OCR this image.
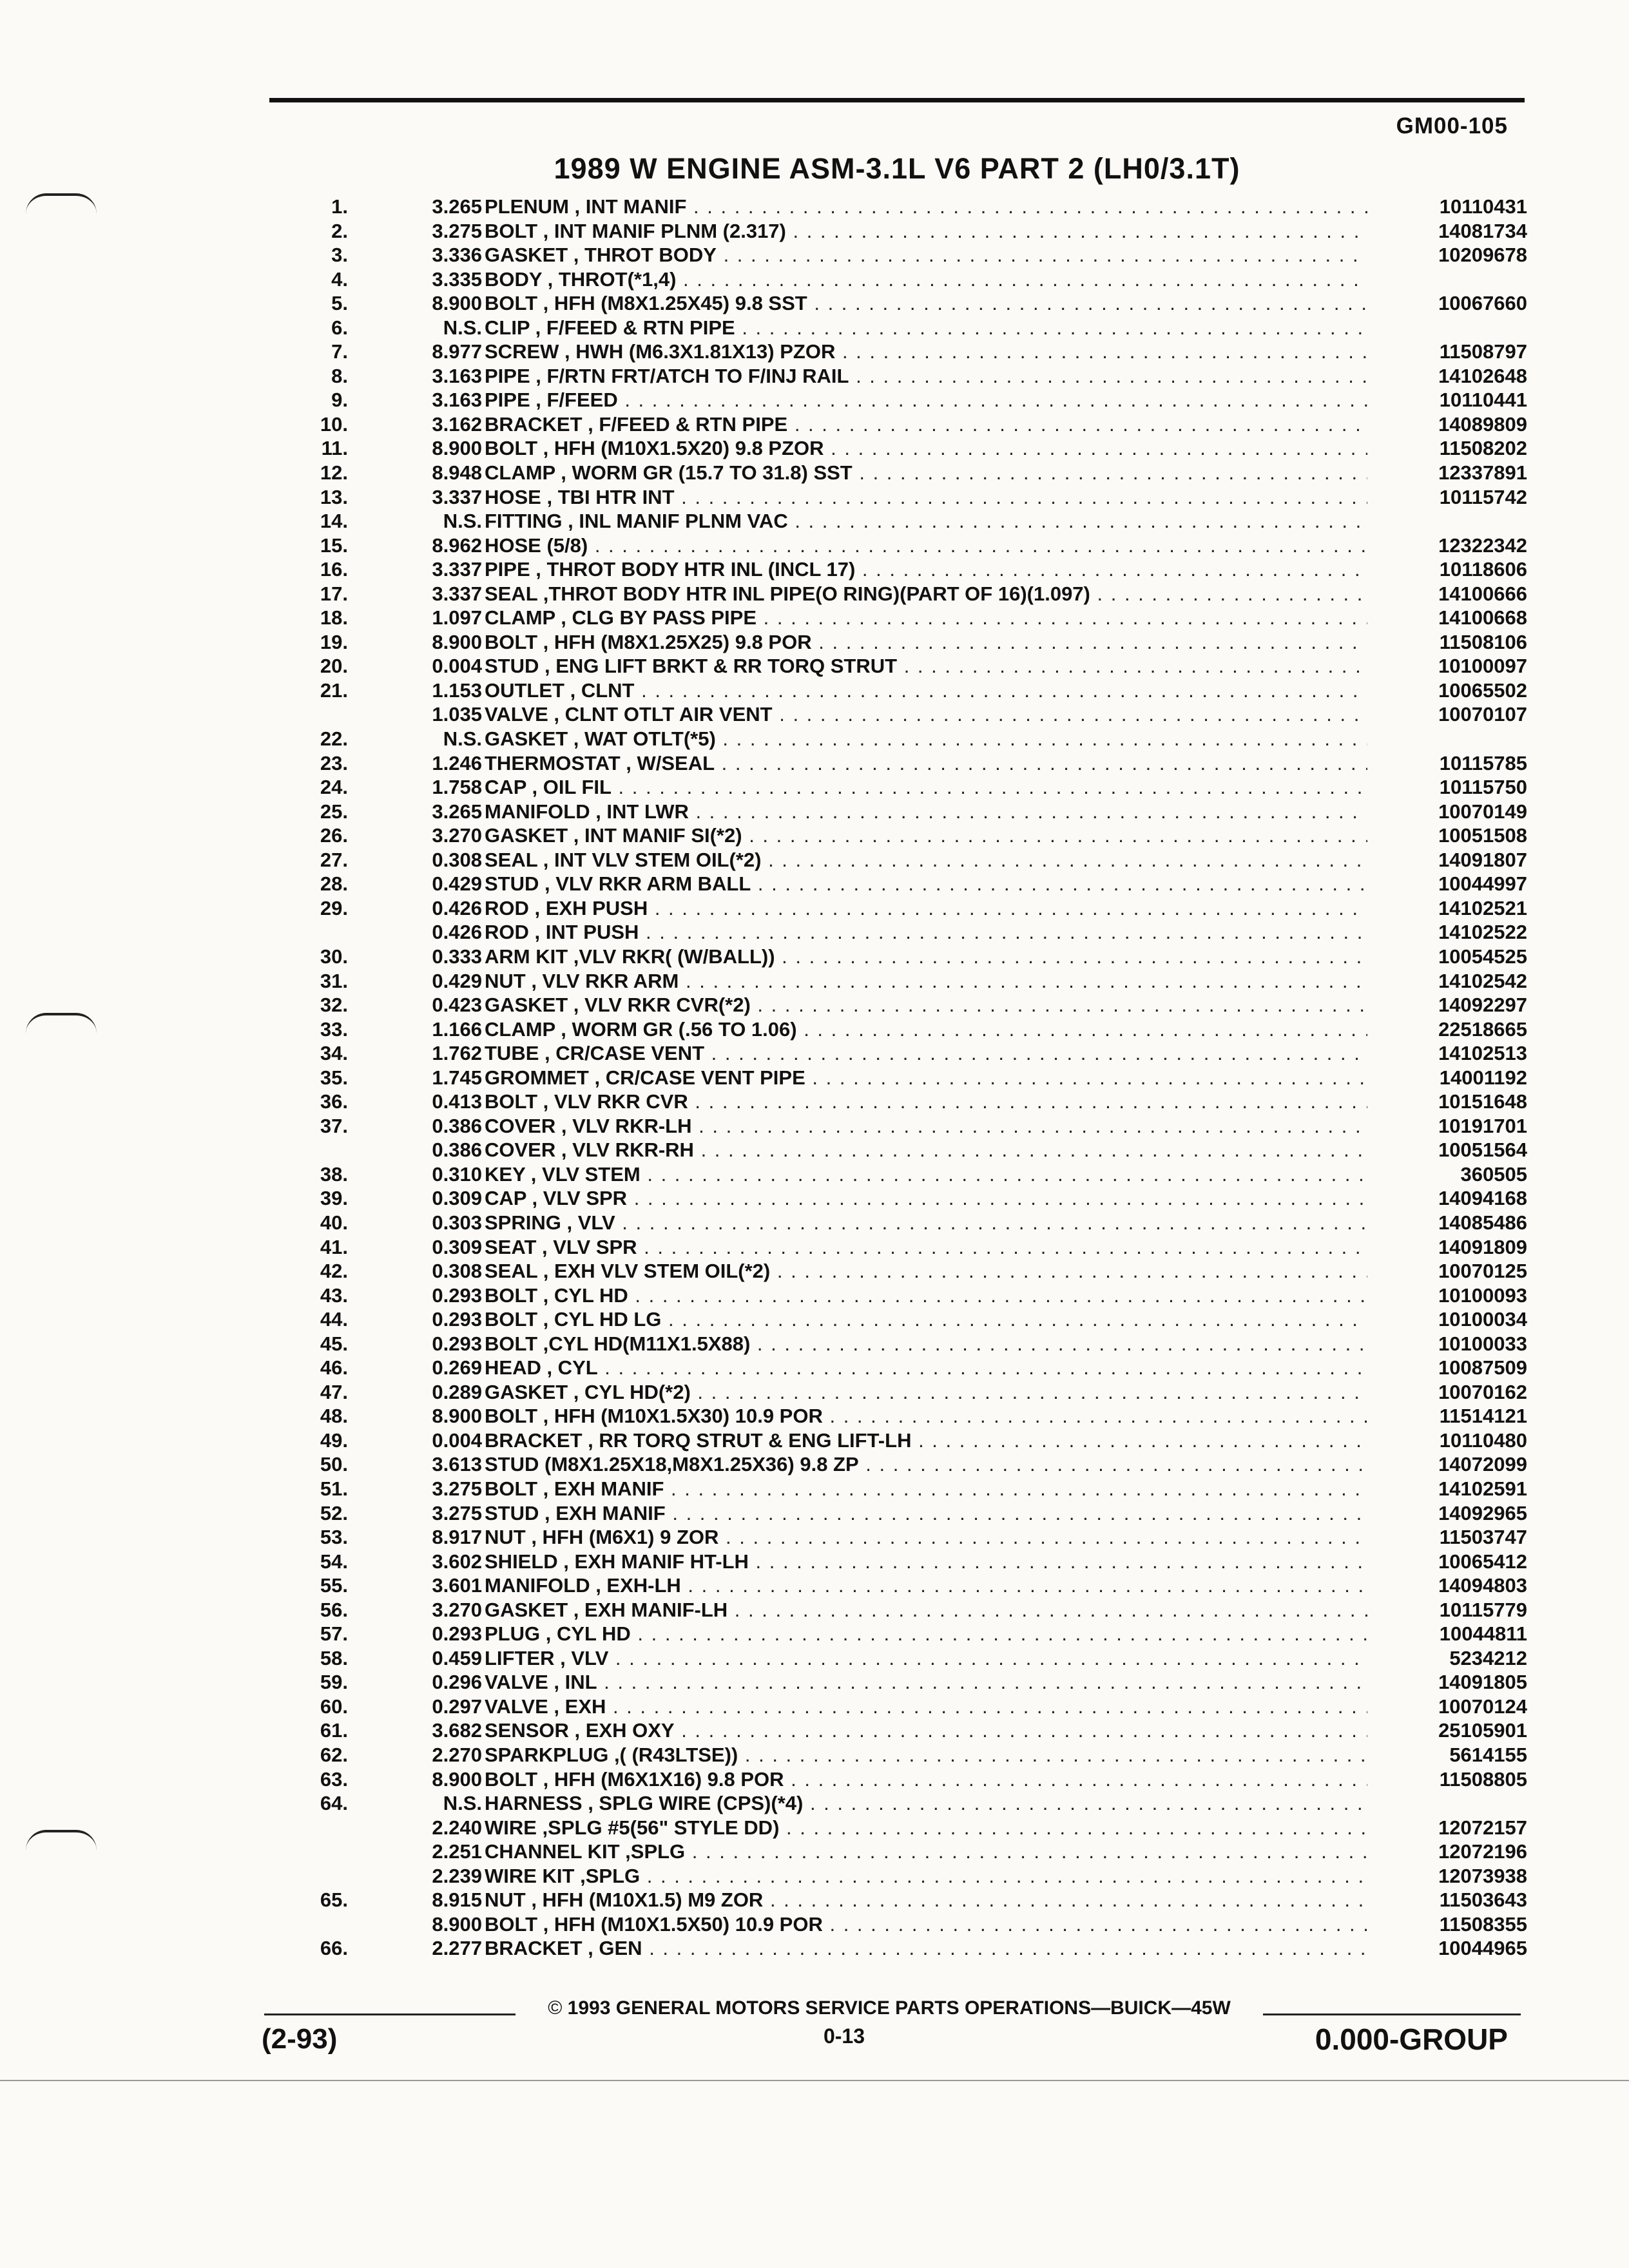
GM00-105
1989 W ENGINE ASM-3.1L V6 PART 2 (LH0/3.1T)
1.	3.265 PLENUM , INT MANIF . . .	10110431
2.	3.275 BOLT , INT MANIF PLNM (2.317) . . .	14081734
3.	3.336 GASKET , THROT BODY . . .	10209678
4.	3.335 BODY , THROT(*1,4) . . .
5.	8.900 BOLT , HFH (M8X1.25X45) 9.8 SST . . .	10067660
6.	N.S. CLIP , F/FEED & RTN PIPE . . .
7.	8.977 SCREW , HWH (M6.3X1.81X13) PZOR . . .	11508797
8.	3.163 PIPE , F/RTN FRT/ATCH TO F/INJ RAIL . . .	14102648
9.	3.163 PIPE , F/FEED . . .	10110441
10.	3.162 BRACKET , F/FEED & RTN PIPE . . .	14089809
11.	8.900 BOLT , HFH (M10X1.5X20) 9.8 PZOR . . .	11508202
12.	8.948 CLAMP , WORM GR (15.7 TO 31.8) SST . . .	12337891
13.	3.337 HOSE , TBI HTR INT . . .	10115742
14.	N.S. FITTING , INL MANIF PLNM VAC . . .
15.	8.962 HOSE (5/8) . . .	12322342
16.	3.337 PIPE , THROT BODY HTR INL (INCL 17) . . .	10118606
17.	3.337 SEAL ,THROT BODY HTR INL PIPE(O RING)(PART OF 16)(1.097) . . .	14100666
18.	1.097 CLAMP , CLG BY PASS PIPE . . .	14100668
19.	8.900 BOLT , HFH (M8X1.25X25) 9.8 POR . . .	11508106
20.	0.004 STUD , ENG LIFT BRKT & RR TORQ STRUT . . .	10100097
21.	1.153 OUTLET , CLNT . . .	10065502
1.035 VALVE , CLNT OTLT AIR VENT . . .	10070107
22.	N.S. GASKET , WAT OTLT(*5) . . .
23.	1.246 THERMOSTAT , W/SEAL . . .	10115785
24.	1.758 CAP , OIL FIL . . .	10115750
25.	3.265 MANIFOLD , INT LWR . . .	10070149
26.	3.270 GASKET , INT MANIF SI(*2) . . .	10051508
27.	0.308 SEAL , INT VLV STEM OIL(*2) . . .	14091807
28.	0.429 STUD , VLV RKR ARM BALL . . .	10044997
29.	0.426 ROD , EXH PUSH . . .	14102521
0.426 ROD , INT PUSH . . .	14102522
30.	0.333 ARM KIT ,VLV RKR( (W/BALL)) . . .	10054525
31.	0.429 NUT , VLV RKR ARM . . .	14102542
32.	0.423 GASKET , VLV RKR CVR(*2) . . .	14092297
33.	1.166 CLAMP , WORM GR (.56 TO 1.06) . . .	22518665
34.	1.762 TUBE , CR/CASE VENT . . .	14102513
35.	1.745 GROMMET , CR/CASE VENT PIPE . . .	14001192
36.	0.413 BOLT , VLV RKR CVR . . .	10151648
37.	0.386 COVER , VLV RKR-LH . . .	10191701
0.386 COVER , VLV RKR-RH . . .	10051564
38.	0.310 KEY , VLV STEM . . .	360505
39.	0.309 CAP , VLV SPR . . .	14094168
40.	0.303 SPRING , VLV . . .	14085486
41.	0.309 SEAT , VLV SPR . . .	14091809
42.	0.308 SEAL , EXH VLV STEM OIL(*2) . . .	10070125
43.	0.293 BOLT , CYL HD . . .	10100093
44.	0.293 BOLT , CYL HD LG . . .	10100034
45.	0.293 BOLT ,CYL HD(M11X1.5X88) . . .	10100033
46.	0.269 HEAD , CYL . . .	10087509
47.	0.289 GASKET , CYL HD(*2) . . .	10070162
48.	8.900 BOLT , HFH (M10X1.5X30) 10.9 POR . . .	11514121
49.	0.004 BRACKET , RR TORQ STRUT & ENG LIFT-LH . . .	10110480
50.	3.613 STUD (M8X1.25X18,M8X1.25X36) 9.8 ZP . . .	14072099
51.	3.275 BOLT , EXH MANIF . . .	14102591
52.	3.275 STUD , EXH MANIF . . .	14092965
53.	8.917 NUT , HFH (M6X1) 9 ZOR . . .	11503747
54.	3.602 SHIELD , EXH MANIF HT-LH . . .	10065412
55.	3.601 MANIFOLD , EXH-LH . . .	14094803
56.	3.270 GASKET , EXH MANIF-LH . . .	10115779
57.	0.293 PLUG , CYL HD . . .	10044811
58.	0.459 LIFTER , VLV . . .	5234212
59.	0.296 VALVE , INL . . .	14091805
60.	0.297 VALVE , EXH . . .	10070124
61.	3.682 SENSOR , EXH OXY . . .	25105901
62.	2.270 SPARKPLUG ,( (R43LTSE)) . . .	5614155
63.	8.900 BOLT , HFH (M6X1X16) 9.8 POR . . .	11508805
64.	N.S. HARNESS , SPLG WIRE (CPS)(*4) . . .
2.240 WIRE ,SPLG #5(56" STYLE DD) . . .	12072157
2.251 CHANNEL KIT ,SPLG . . .	12072196
2.239 WIRE KIT ,SPLG . . .	12073938
65.	8.915 NUT , HFH (M10X1.5) M9 ZOR . . .	11503643
8.900 BOLT , HFH (M10X1.5X50) 10.9 POR . . .	11508355
66.	2.277 BRACKET , GEN . . .	10044965
© 1993 GENERAL MOTORS SERVICE PARTS OPERATIONS—BUICK—45W
0-13
(2-93)	0.000-GROUP
